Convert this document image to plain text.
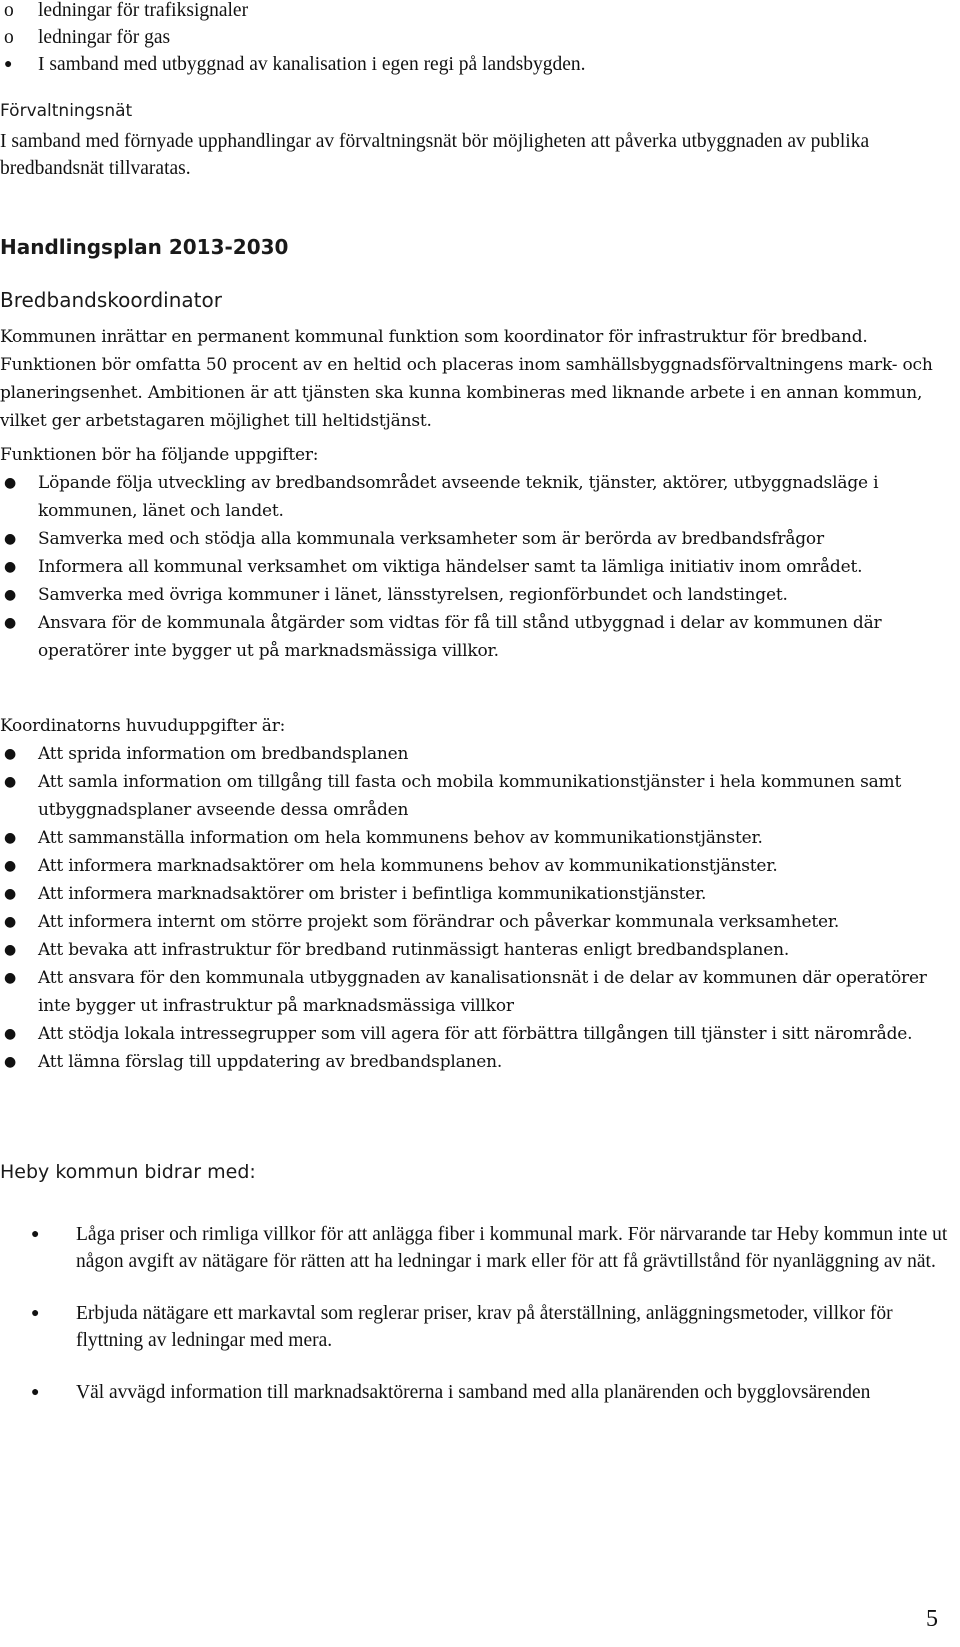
o ledningar för trafiksignaler
o ledningar för gas
● I samband med utbyggnad av kanalisation i egen regi på landsbygden.
Förvaltningsnät
I samband med förnyade upphandlingar av förvaltningsnät bör möjligheten att påverka utbyggnaden av publika bredbandsnät tillvaratas.
Handlingsplan 2013-2030
Bredbandskoordinator
Kommunen inrättar en permanent kommunal funktion som koordinator för infrastruktur för bredband. Funktionen bör omfatta 50 procent av en heltid och placeras inom samhällsbyggnadsförvaltningens mark- och planeringsenhet. Ambitionen är att tjänsten ska kunna kombineras med liknande arbete i en annan kommun, vilket ger arbetstagaren möjlighet till heltidstjänst.
Funktionen bör ha följande uppgifter:
● Löpande följa utveckling av bredbandsområdet avseende teknik, tjänster, aktörer, utbyggnadsläge i kommunen, länet och landet.
● Samverka med och stödja alla kommunala verksamheter som är berörda av bredbandsfrågor
● Informera all kommunal verksamhet om viktiga händelser samt ta lämliga initiativ inom området.
● Samverka med övriga kommuner i länet, länsstyrelsen, regionförbundet och landstinget.
● Ansvara för de kommunala åtgärder som vidtas för få till stånd utbyggnad i delar av kommunen där operatörer inte bygger ut på marknadsmässiga villkor.
Koordinatorns huvuduppgifter är:
● Att sprida information om bredbandsplanen
● Att samla information om tillgång till fasta och mobila kommunikationstjänster i hela kommunen samt utbyggnadsplaner avseende dessa områden
● Att sammanställa information om hela kommunens behov av kommunikationstjänster.
● Att informera marknadsaktörer om hela kommunens behov av kommunikationstjänster.
● Att informera marknadsaktörer om brister i befintliga kommunikationstjänster.
● Att informera internt om större projekt som förändrar och påverkar kommunala verksamheter.
● Att bevaka att infrastruktur för bredband rutinmässigt hanteras enligt bredbandsplanen.
● Att ansvara för den kommunala utbyggnaden av kanalisationsnät i de delar av kommunen där operatörer inte bygger ut infrastruktur på marknadsmässiga villkor
● Att stödja lokala intressegrupper som vill agera för att förbättra tillgången till tjänster i sitt närområde.
● Att lämna förslag till uppdatering av bredbandsplanen.
Heby kommun bidrar med:
● Låga priser och rimliga villkor för att anlägga fiber i kommunal mark. För närvarande tar Heby kommun inte ut någon avgift av nätägare för rätten att ha ledningar i mark eller för att få grävtillstånd för nyanläggning av nät.
● Erbjuda nätägare ett markavtal som reglerar priser, krav på återställning, anläggningsmetoder, villkor för flyttning av ledningar med mera.
● Väl avvägd information till marknadsaktörerna i samband med alla planärenden och bygglovsärenden
5
